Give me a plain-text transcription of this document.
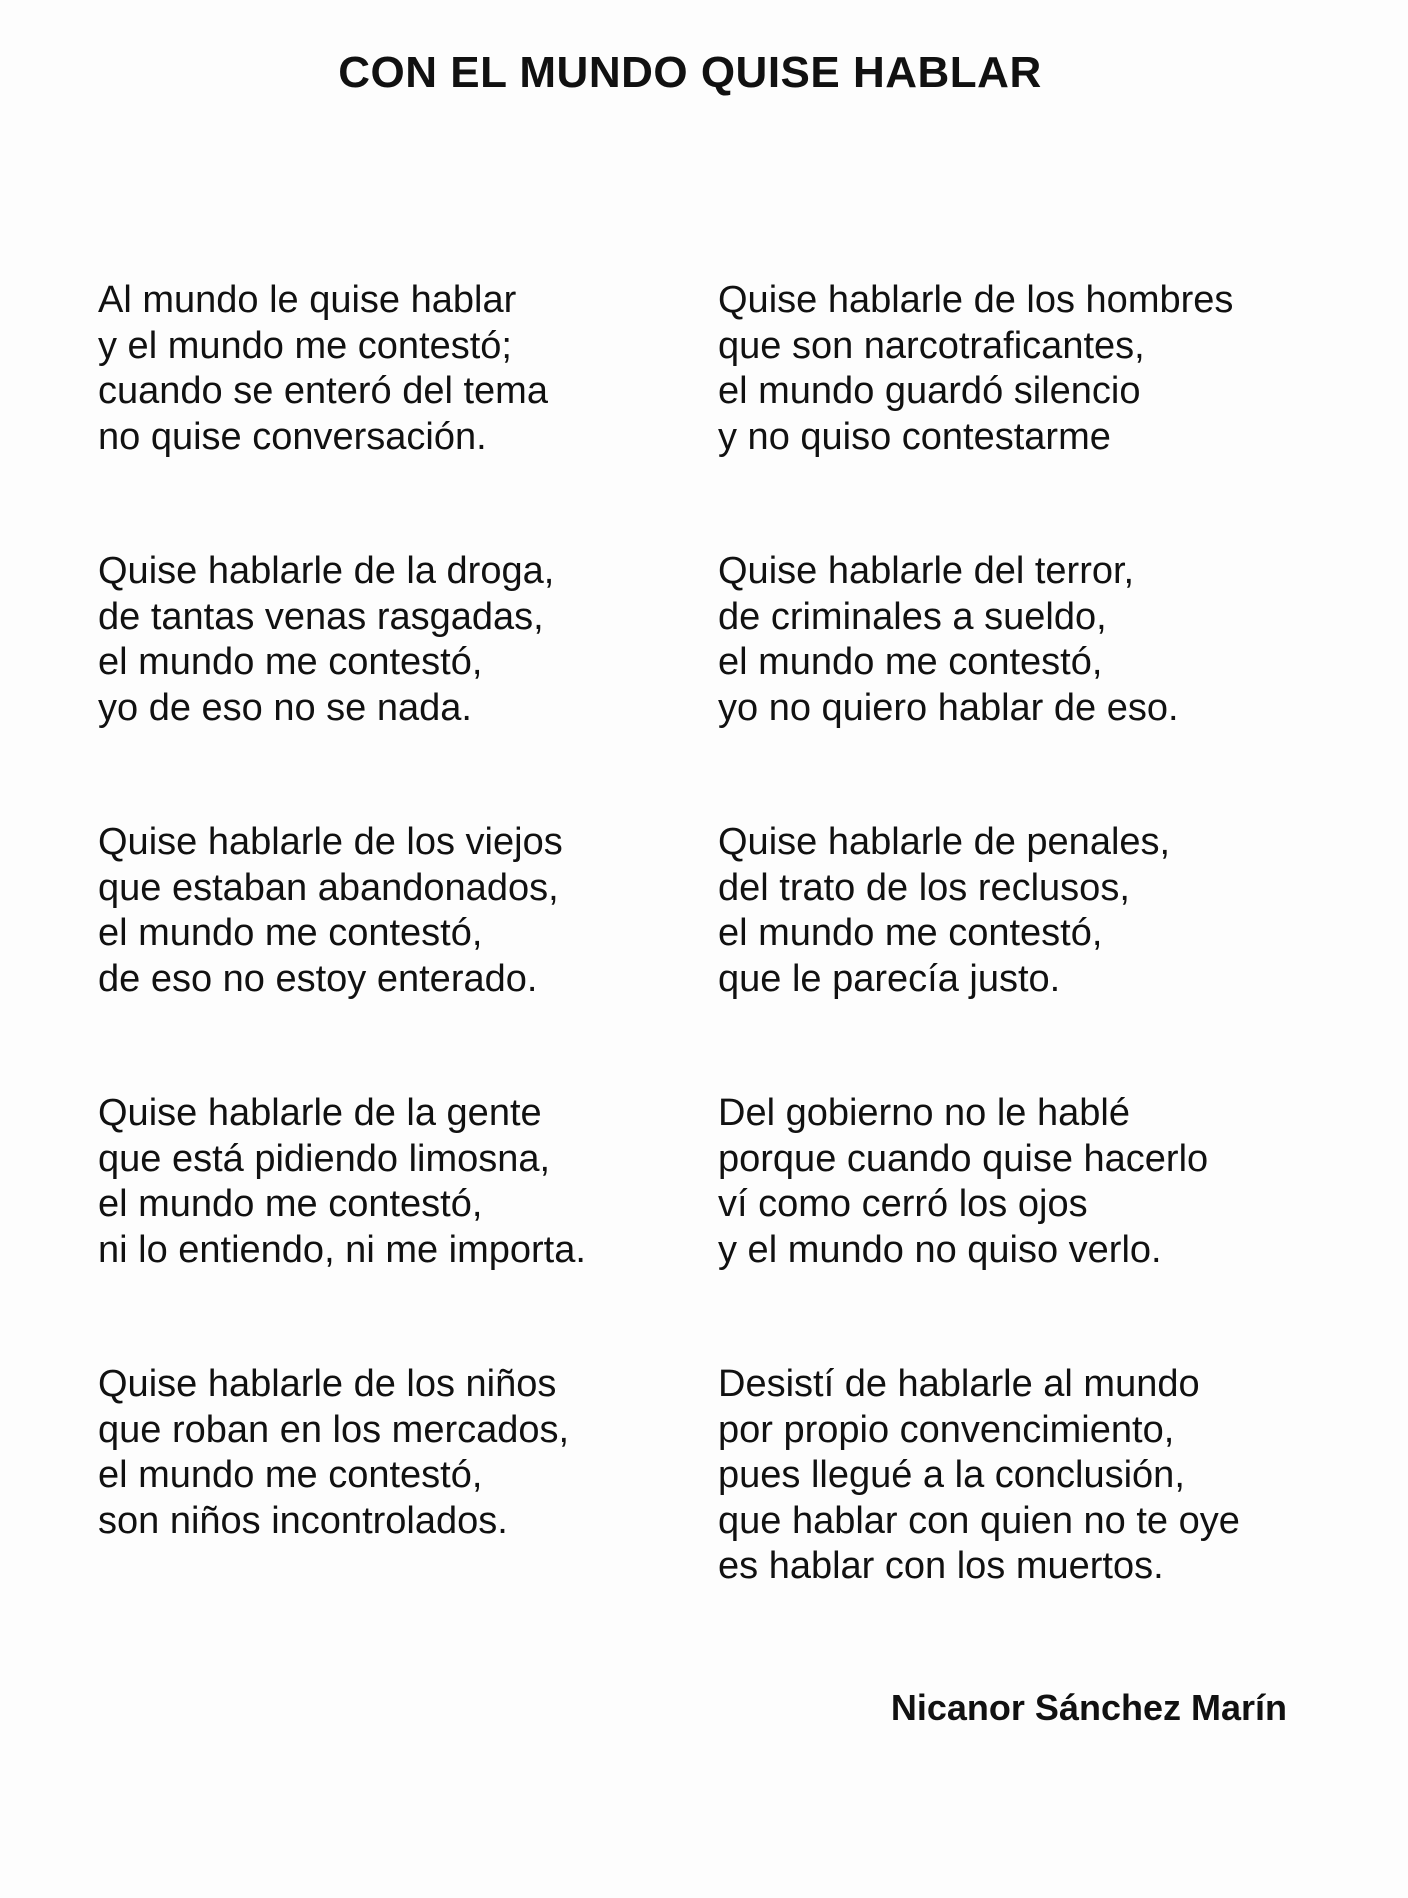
CON EL MUNDO QUISE HABLAR
Al mundo le quise hablar
y el mundo me contestó;
cuando se enteró del tema
no quise conversación.
Quise hablarle de la droga,
de tantas venas rasgadas,
el mundo me contestó,
yo de eso no se nada.
Quise hablarle de los viejos
que estaban abandonados,
el mundo me contestó,
de eso no estoy enterado.
Quise hablarle de la gente
que está pidiendo limosna,
el mundo me contestó,
ni lo entiendo, ni me importa.
Quise hablarle de los niños
que roban en los mercados,
el mundo me contestó,
son niños incontrolados.
Quise hablarle de los hombres
que son narcotraficantes,
el mundo guardó silencio
y no quiso contestarme
Quise hablarle del terror,
de criminales a sueldo,
el mundo me contestó,
yo no quiero hablar de eso.
Quise hablarle de penales,
del trato de los reclusos,
el mundo me contestó,
que le parecía justo.
Del gobierno no le hablé
porque cuando quise hacerlo
ví como cerró los ojos
y el mundo no quiso verlo.
Desistí de hablarle al mundo
por propio convencimiento,
pues llegué a la conclusión,
que hablar con quien no te oye
es hablar con los muertos.

Nicanor Sánchez Marín
